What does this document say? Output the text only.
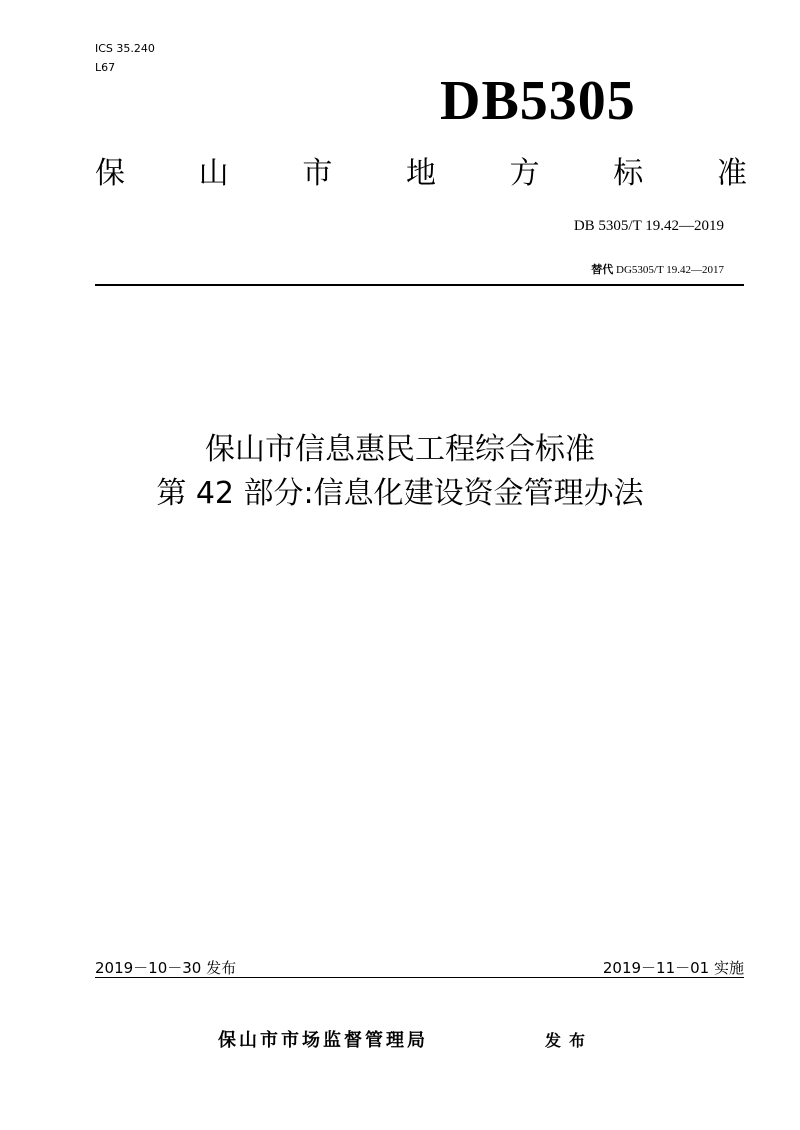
ICS 35.240
L67
DB5305
保 山 市 地 方 标 准
DB 5305/T 19.42—2019
替代 DG5305/T 19.42—2017
保山市信息惠民工程综合标准
第 42 部分:信息化建设资金管理办法
2019－10－30 发布	2019－11－01 实施
保山市市场监督管理局	发布
